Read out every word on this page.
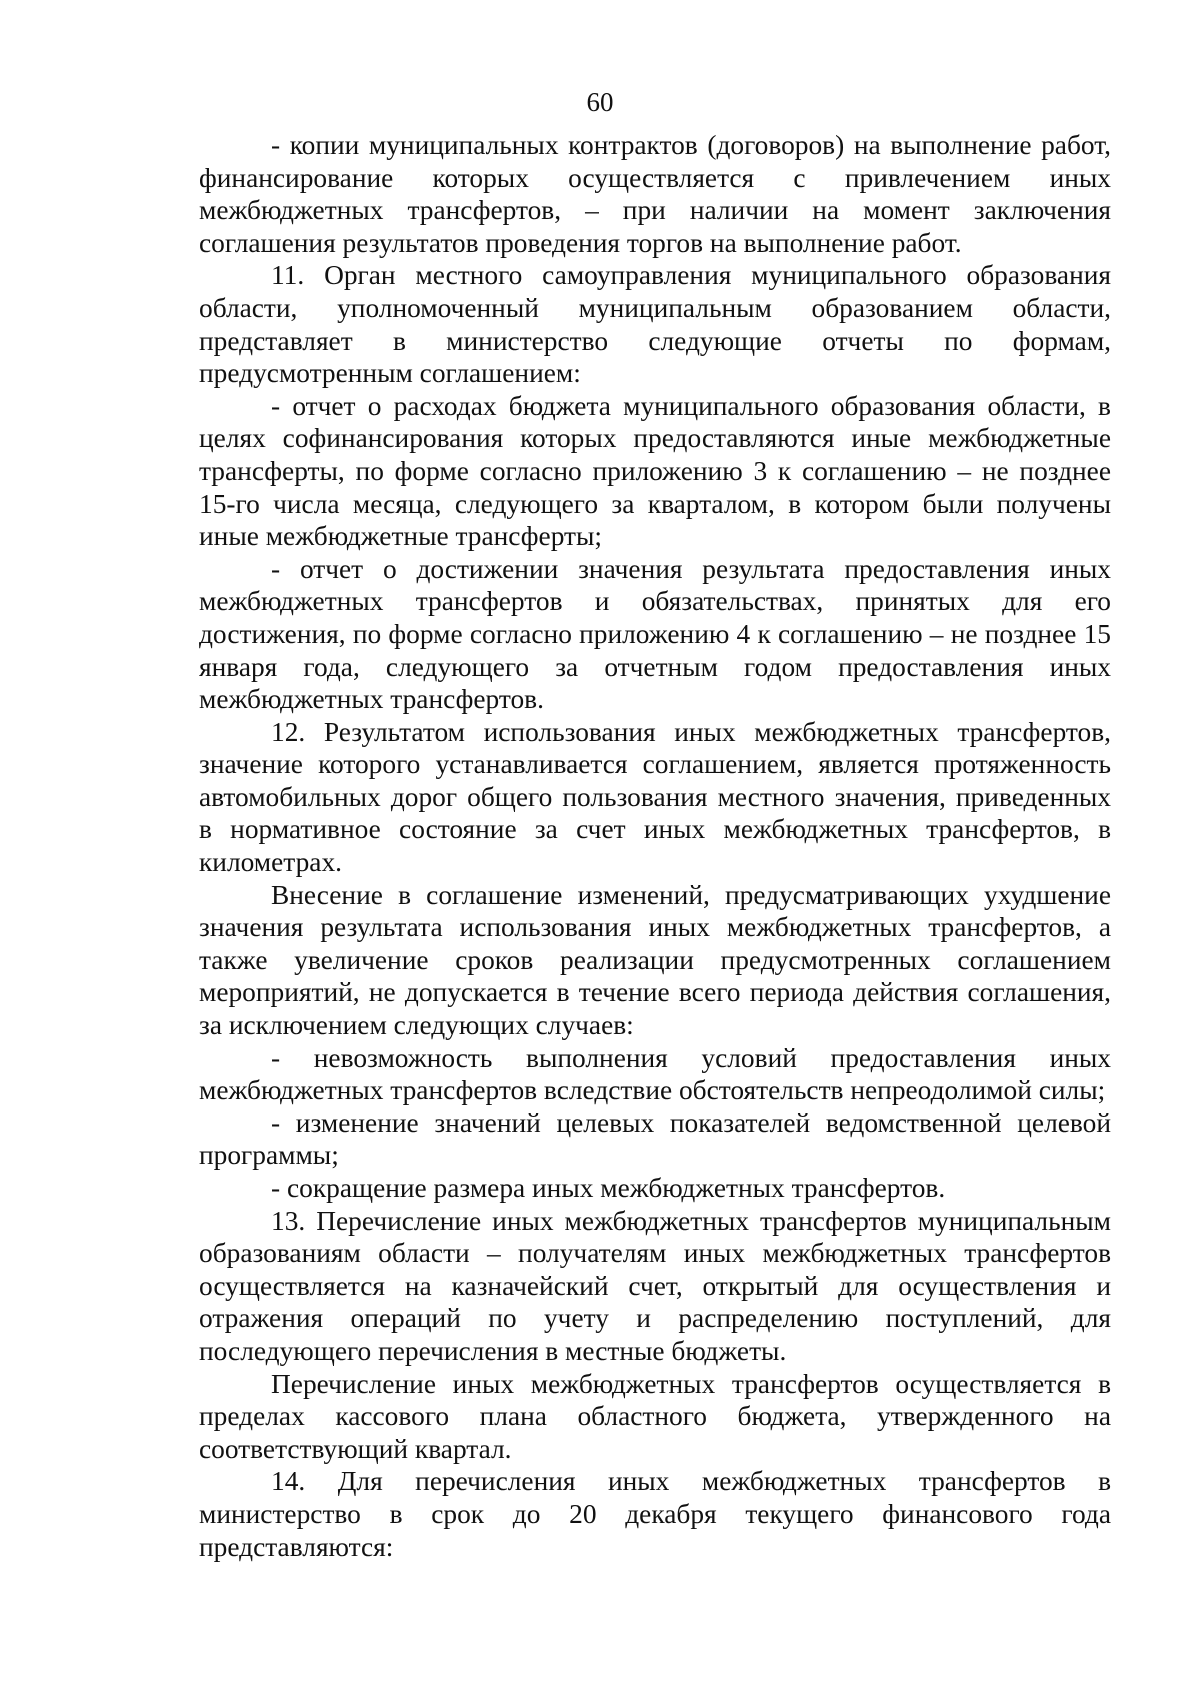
60

- копии муниципальных контрактов (договоров) на выполнение работ, финансирование которых осуществляется с привлечением иных межбюджетных трансфертов, – при наличии на момент заключения соглашения результатов проведения торгов на выполнение работ.

11. Орган местного самоуправления муниципального образования области, уполномоченный муниципальным образованием области, представляет в министерство следующие отчеты по формам, предусмотренным соглашением:

- отчет о расходах бюджета муниципального образования области, в целях софинансирования которых предоставляются иные межбюджетные трансферты, по форме согласно приложению 3 к соглашению – не позднее 15-го числа месяца, следующего за кварталом, в котором были получены иные межбюджетные трансферты;

- отчет о достижении значения результата предоставления иных межбюджетных трансфертов и обязательствах, принятых для его достижения, по форме согласно приложению 4 к соглашению – не позднее 15 января года, следующего за отчетным годом предоставления иных межбюджетных трансфертов.

12. Результатом использования иных межбюджетных трансфертов, значение которого устанавливается соглашением, является протяженность автомобильных дорог общего пользования местного значения, приведенных в нормативное состояние за счет иных межбюджетных трансфертов, в километрах.

Внесение в соглашение изменений, предусматривающих ухудшение значения результата использования иных межбюджетных трансфертов, а также увеличение сроков реализации предусмотренных соглашением мероприятий, не допускается в течение всего периода действия соглашения, за исключением следующих случаев:

- невозможность выполнения условий предоставления иных межбюджетных трансфертов вследствие обстоятельств непреодолимой силы;

- изменение значений целевых показателей ведомственной целевой программы;

- сокращение размера иных межбюджетных трансфертов.

13. Перечисление иных межбюджетных трансфертов муниципальным образованиям области – получателям иных межбюджетных трансфертов осуществляется на казначейский счет, открытый для осуществления и отражения операций по учету и распределению поступлений, для последующего перечисления в местные бюджеты.

Перечисление иных межбюджетных трансфертов осуществляется в пределах кассового плана областного бюджета, утвержденного на соответствующий квартал.

14. Для перечисления иных межбюджетных трансфертов в министерство в срок до 20 декабря текущего финансового года представляются:
